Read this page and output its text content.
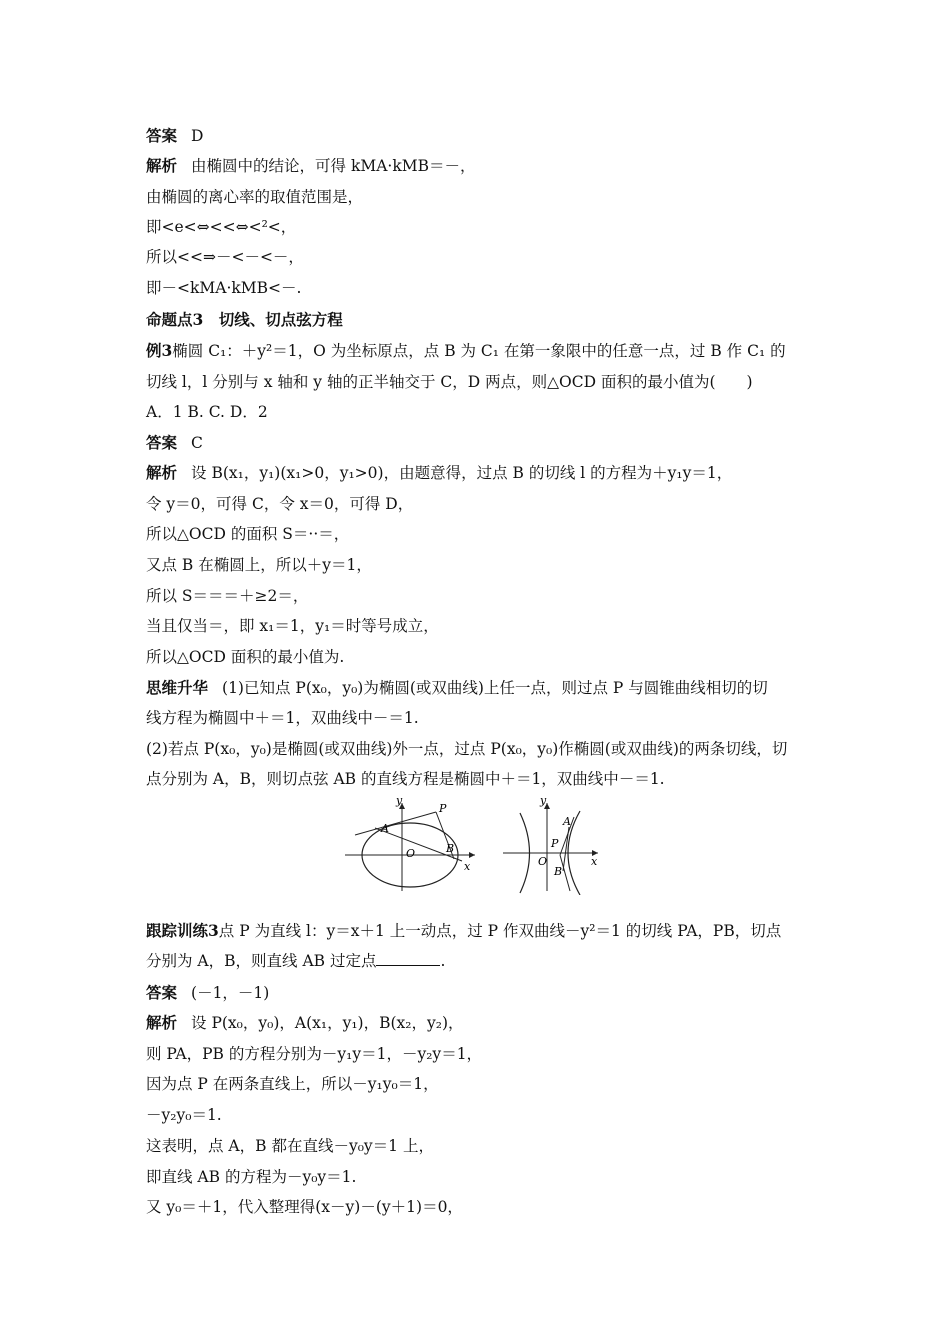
答案 D
解析 由椭圆中的结论，可得 kMA·kMB＝－，
由椭圆的离心率的取值范围是，
即<e<⇔<<⇔<²<，
所以<<⇒－<－<－，
即－<kMA·kMB<－.
命题点3　切线、切点弦方程
例3椭圆 C₁：＋y²＝1，O 为坐标原点，点 B 为 C₁ 在第一象限中的任意一点，过 B 作 C₁ 的
切线 l，l 分别与 x 轴和 y 轴的正半轴交于 C，D 两点，则△OCD 面积的最小值为(　　)
A．1 B. C. D．2
答案 C
解析 设 B(x₁，y₁)(x₁>0，y₁>0)，由题意得，过点 B 的切线 l 的方程为＋y₁y＝1，
令 y＝0，可得 C，令 x＝0，可得 D，
所以△OCD 的面积 S＝··＝，
又点 B 在椭圆上，所以＋y＝1，
所以 S＝＝＝＋≥2＝，
当且仅当＝，即 x₁＝1，y₁＝时等号成立，
所以△OCD 面积的最小值为.
思维升华 (1)已知点 P(x₀，y₀)为椭圆(或双曲线)上任一点，则过点 P 与圆锥曲线相切的切
线方程为椭圆中＋＝1，双曲线中－＝1.
(2)若点 P(x₀，y₀)是椭圆(或双曲线)外一点，过点 P(x₀，y₀)作椭圆(或双曲线)的两条切线，切
点分别为 A，B，则切点弦 AB 的直线方程是椭圆中＋＝1，双曲线中－＝1.
y
x
O
A
B
P
y
x
O
A
B
P
跟踪训练3点 P 为直线 l：y＝x＋1 上一动点，过 P 作双曲线－y²＝1 的切线 PA，PB，切点
分别为 A，B，则直线 AB 过定点	.
答案 (－1，－1)
解析 设 P(x₀，y₀)，A(x₁，y₁)，B(x₂，y₂)，
则 PA，PB 的方程分别为－y₁y＝1，－y₂y＝1，
因为点 P 在两条直线上，所以－y₁y₀＝1，
－y₂y₀＝1.
这表明，点 A，B 都在直线－y₀y＝1 上，
即直线 AB 的方程为－y₀y＝1.
又 y₀＝＋1，代入整理得(x－y)－(y＋1)＝0，
